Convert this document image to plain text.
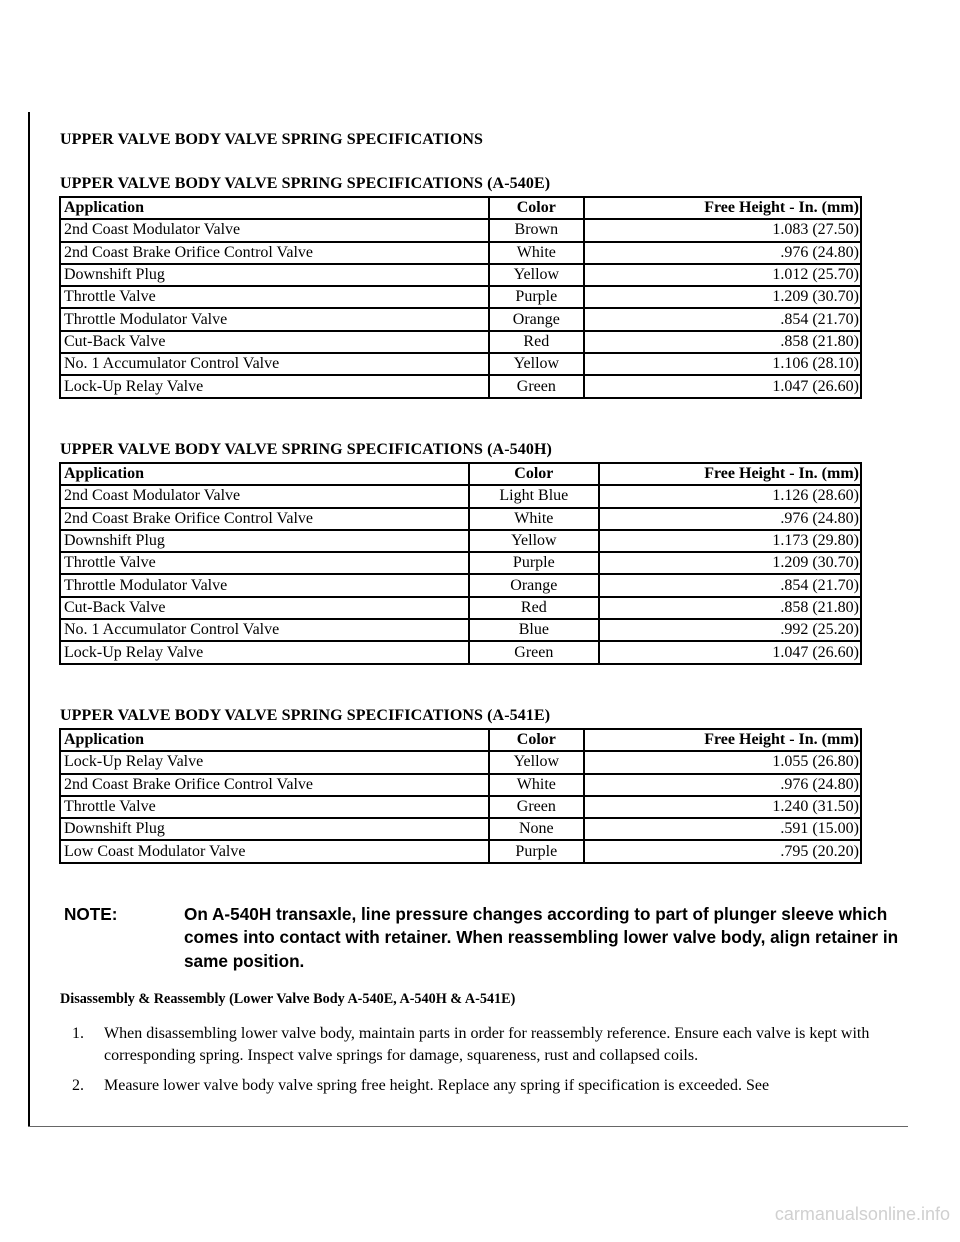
UPPER VALVE BODY VALVE SPRING SPECIFICATIONS
UPPER VALVE BODY VALVE SPRING SPECIFICATIONS (A-540E)
Application	Color	Free Height - In. (mm)
2nd Coast Modulator Valve	Brown	1.083 (27.50)
2nd Coast Brake Orifice Control Valve	White	.976 (24.80)
Downshift Plug	Yellow	1.012 (25.70)
Throttle Valve	Purple	1.209 (30.70)
Throttle Modulator Valve	Orange	.854 (21.70)
Cut-Back Valve	Red	.858 (21.80)
No. 1 Accumulator Control Valve	Yellow	1.106 (28.10)
Lock-Up Relay Valve	Green	1.047 (26.60)
UPPER VALVE BODY VALVE SPRING SPECIFICATIONS (A-540H)
Application	Color	Free Height - In. (mm)
2nd Coast Modulator Valve	Light Blue	1.126 (28.60)
2nd Coast Brake Orifice Control Valve	White	.976 (24.80)
Downshift Plug	Yellow	1.173 (29.80)
Throttle Valve	Purple	1.209 (30.70)
Throttle Modulator Valve	Orange	.854 (21.70)
Cut-Back Valve	Red	.858 (21.80)
No. 1 Accumulator Control Valve	Blue	.992 (25.20)
Lock-Up Relay Valve	Green	1.047 (26.60)
UPPER VALVE BODY VALVE SPRING SPECIFICATIONS (A-541E)
Application	Color	Free Height - In. (mm)
Lock-Up Relay Valve	Yellow	1.055 (26.80)
2nd Coast Brake Orifice Control Valve	White	.976 (24.80)
Throttle Valve	Green	1.240 (31.50)
Downshift Plug	None	.591 (15.00)
Low Coast Modulator Valve	Purple	.795 (20.20)
NOTE:	On A-540H transaxle, line pressure changes according to part of plunger sleeve which comes into contact with retainer. When reassembling lower valve body, align retainer in same position.
Disassembly & Reassembly (Lower Valve Body A-540E, A-540H & A-541E)
1. When disassembling lower valve body, maintain parts in order for reassembly reference. Ensure each valve is kept with corresponding spring. Inspect valve springs for damage, squareness, rust and collapsed coils.
2. Measure lower valve body valve spring free height. Replace any spring if specification is exceeded. See
carmanualsonline.info
